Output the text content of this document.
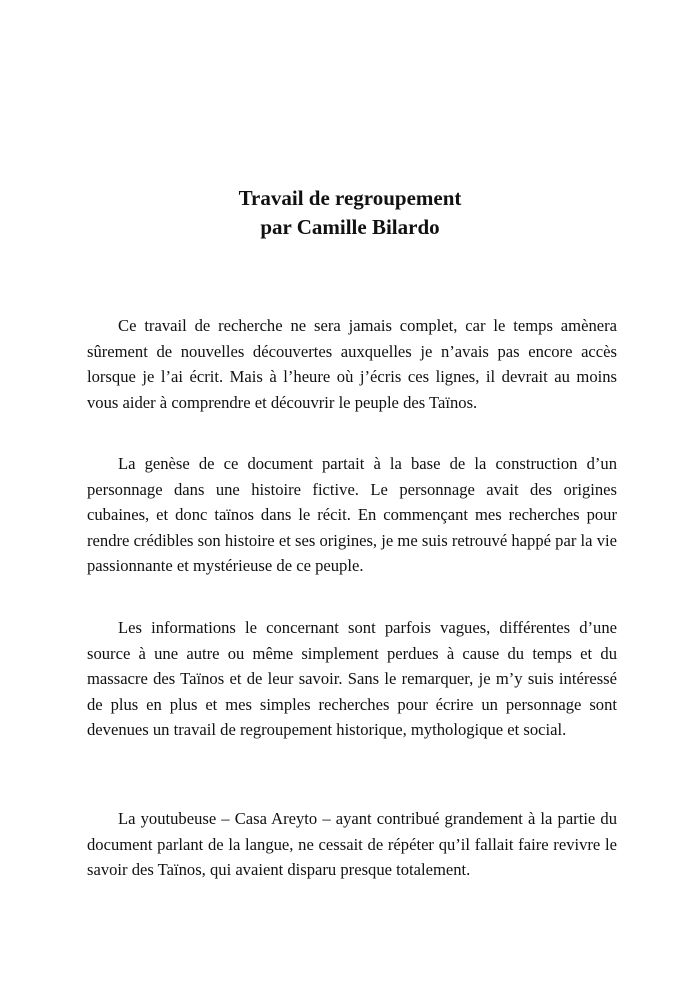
Travail de regroupement
par Camille Bilardo

Ce travail de recherche ne sera jamais complet, car le temps amènera sûrement de nouvelles découvertes auxquelles je n’avais pas encore accès lorsque je l’ai écrit. Mais à l’heure où j’écris ces lignes, il devrait au moins vous aider à comprendre et découvrir le peuple des Taïnos.

La genèse de ce document partait à la base de la construction d’un personnage dans une histoire fictive. Le personnage avait des origines cubaines, et donc taïnos dans le récit. En commençant mes recherches pour rendre crédibles son histoire et ses origines, je me suis retrouvé happé par la vie passionnante et mystérieuse de ce peuple.

Les informations le concernant sont parfois vagues, différentes d’une source à une autre ou même simplement perdues à cause du temps et du massacre des Taïnos et de leur savoir. Sans le remarquer, je m’y suis intéressé de plus en plus et mes simples recherches pour écrire un personnage sont devenues un travail de regroupement historique, mythologique et social.

La youtubeuse – Casa Areyto – ayant contribué grandement à la partie du document parlant de la langue, ne cessait de répéter qu’il fallait faire revivre le savoir des Taïnos, qui avaient disparu presque totalement.
